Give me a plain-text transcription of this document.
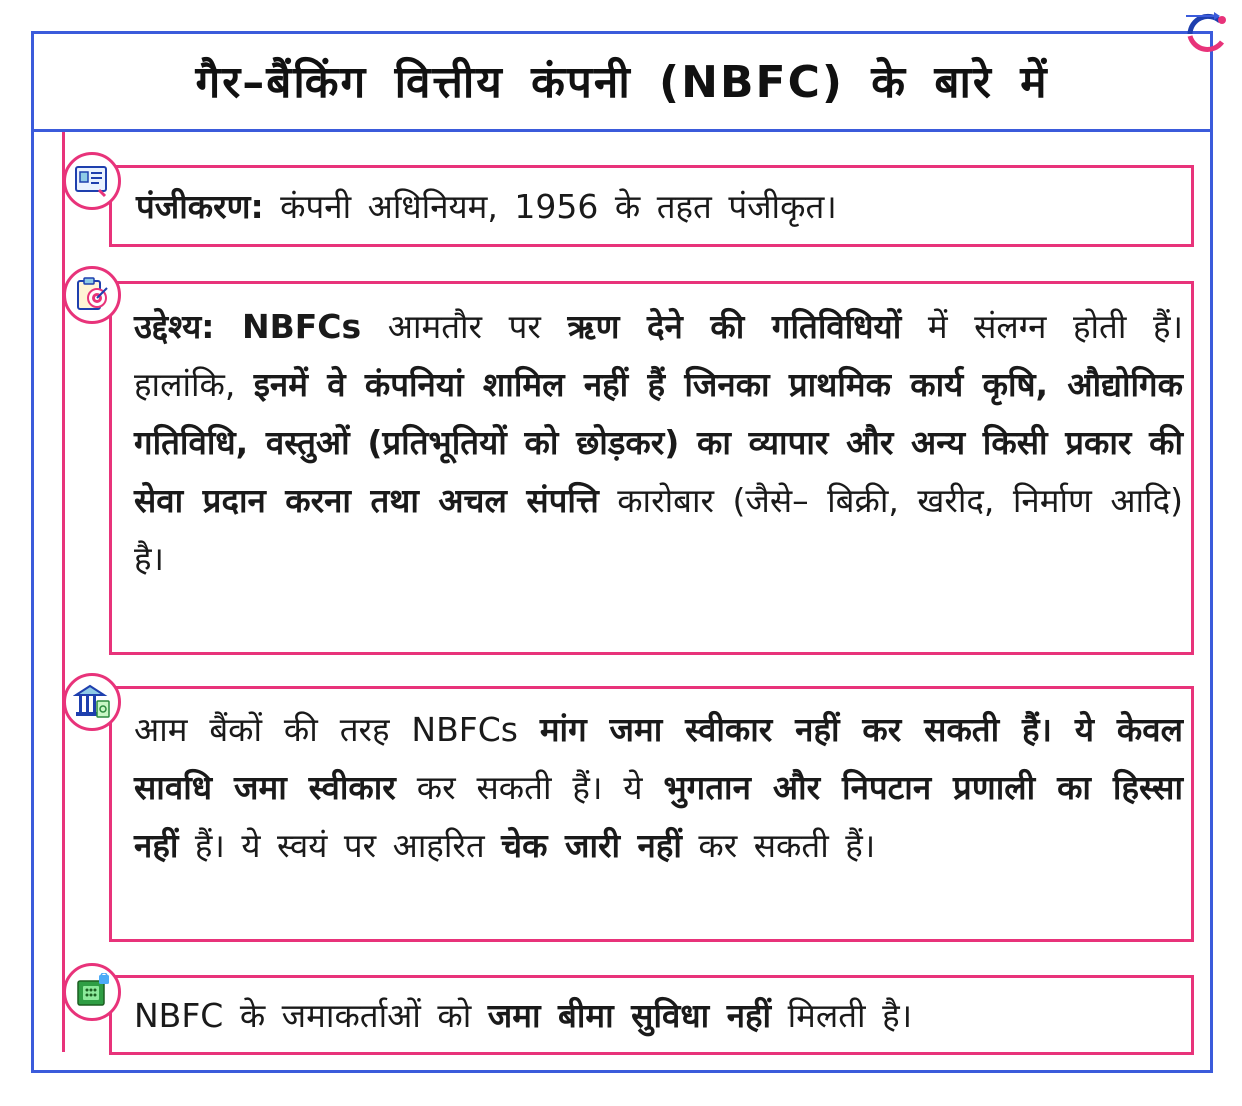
गैर–बैंकिंग वित्तीय कंपनी (NBFC) के बारे में
पंजीकरण: कंपनी अधिनियम, 1956 के तहत पंजीकृत।
उद्देश्य: NBFCs आमतौर पर ऋण देने की गतिविधियों में संलग्न होती हैं। हालांकि, इनमें वे कंपनियां शामिल नहीं हैं जिनका प्राथमिक कार्य कृषि, औद्योगिक गतिविधि, वस्तुओं (प्रतिभूतियों को छोड़कर) का व्यापार और अन्य किसी प्रकार की सेवा प्रदान करना तथा अचल संपत्ति कारोबार (जैसे– बिक्री, खरीद, निर्माण आदि) है।
आम बैंकों की तरह NBFCs मांग जमा स्वीकार नहीं कर सकती हैं। ये केवल सावधि जमा स्वीकार कर सकती हैं। ये भुगतान और निपटान प्रणाली का हिस्सा नहीं हैं। ये स्वयं पर आहरित चेक जारी नहीं कर सकती हैं।
NBFC के जमाकर्ताओं को जमा बीमा सुविधा नहीं मिलती है।
